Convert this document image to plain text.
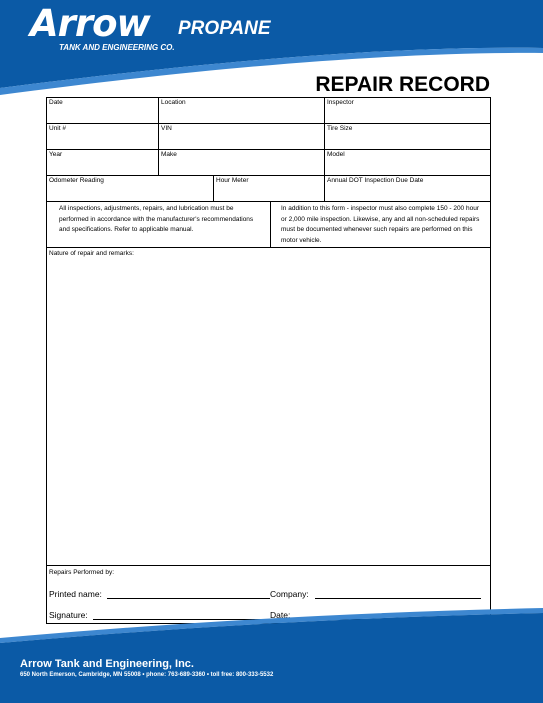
Arrow PROPANE
TANK AND ENGINEERING CO.
REPAIR RECORD
Date	Location	Inspector
Unit #	VIN	Tire Size
Year	Make	Model
Odometer Reading	Hour Meter	Annual DOT Inspection Due Date
All inspections, adjustments, repairs, and lubrication must be performed in accordance with the manufacturer's recommendations and specifications. Refer to applicable manual.
In addition to this form - inspector must also complete 150 - 200 hour or 2,000 mile inspection. Likewise, any and all non-scheduled repairs must be documented whenever such repairs are performed on this motor vehicle.
Nature of repair and remarks:
Repairs Performed by:
Printed name:	Company:
Signature:	Date:
Arrow Tank and Engineering, Inc.
650 North Emerson, Cambridge, MN 55008 • phone: 763-689-3360 • toll free: 800-333-5532
